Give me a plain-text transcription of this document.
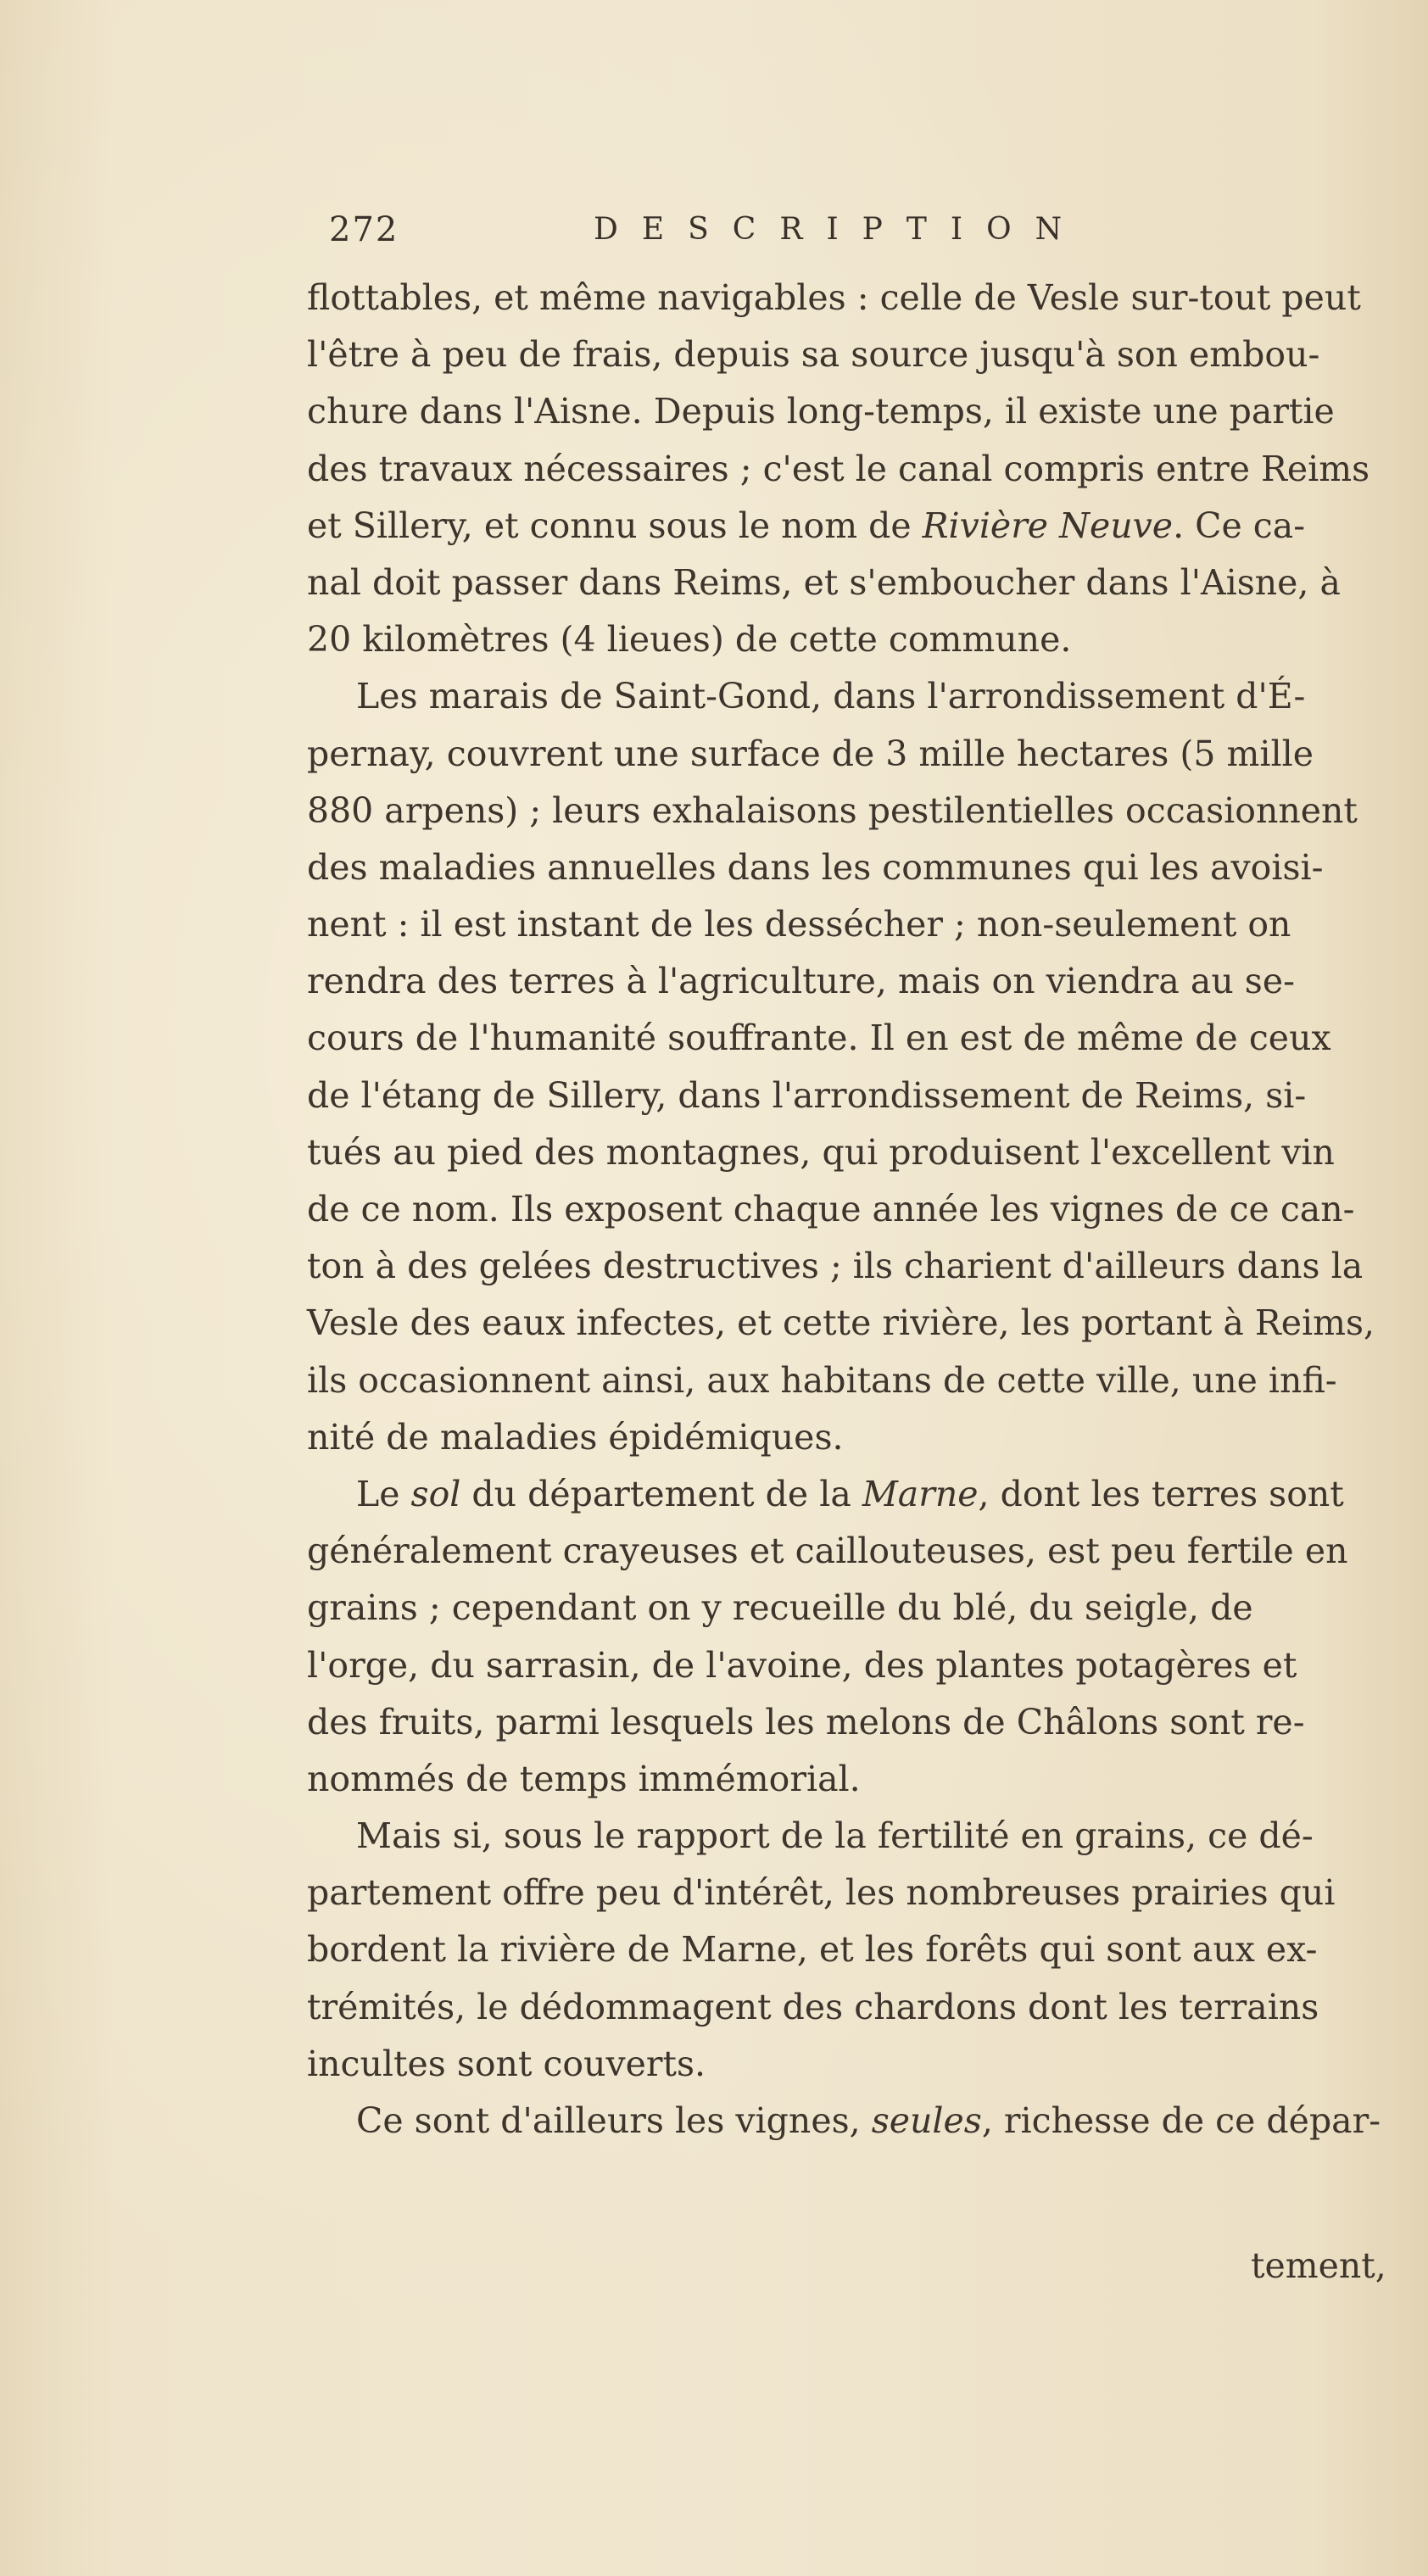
272	DESCRIPTION
flottables, et même navigables : celle de Vesle sur-tout peut
l'être à peu de frais, depuis sa source jusqu'à son embou-
chure dans l'Aisne. Depuis long-temps, il existe une partie
des travaux nécessaires ; c'est le canal compris entre Reims
et Sillery, et connu sous le nom de Rivière Neuve. Ce ca-
nal doit passer dans Reims, et s'emboucher dans l'Aisne, à
20 kilomètres (4 lieues) de cette commune.
Les marais de Saint-Gond, dans l'arrondissement d'É-
pernay, couvrent une surface de 3 mille hectares (5 mille
880 arpens) ; leurs exhalaisons pestilentielles occasionnent
des maladies annuelles dans les communes qui les avoisi-
nent : il est instant de les dessécher ; non-seulement on
rendra des terres à l'agriculture, mais on viendra au se-
cours de l'humanité souffrante. Il en est de même de ceux
de l'étang de Sillery, dans l'arrondissement de Reims, si-
tués au pied des montagnes, qui produisent l'excellent vin
de ce nom. Ils exposent chaque année les vignes de ce can-
ton à des gelées destructives ; ils charient d'ailleurs dans la
Vesle des eaux infectes, et cette rivière, les portant à Reims,
ils occasionnent ainsi, aux habitans de cette ville, une infi-
nité de maladies épidémiques.
Le sol du département de la Marne, dont les terres sont
généralement crayeuses et caillouteuses, est peu fertile en
grains ; cependant on y recueille du blé, du seigle, de
l'orge, du sarrasin, de l'avoine, des plantes potagères et
des fruits, parmi lesquels les melons de Châlons sont re-
nommés de temps immémorial.
Mais si, sous le rapport de la fertilité en grains, ce dé-
partement offre peu d'intérêt, les nombreuses prairies qui
bordent la rivière de Marne, et les forêts qui sont aux ex-
trémités, le dédommagent des chardons dont les terrains
incultes sont couverts.
Ce sont d'ailleurs les vignes, seules, richesse de ce dépar-
tement,
